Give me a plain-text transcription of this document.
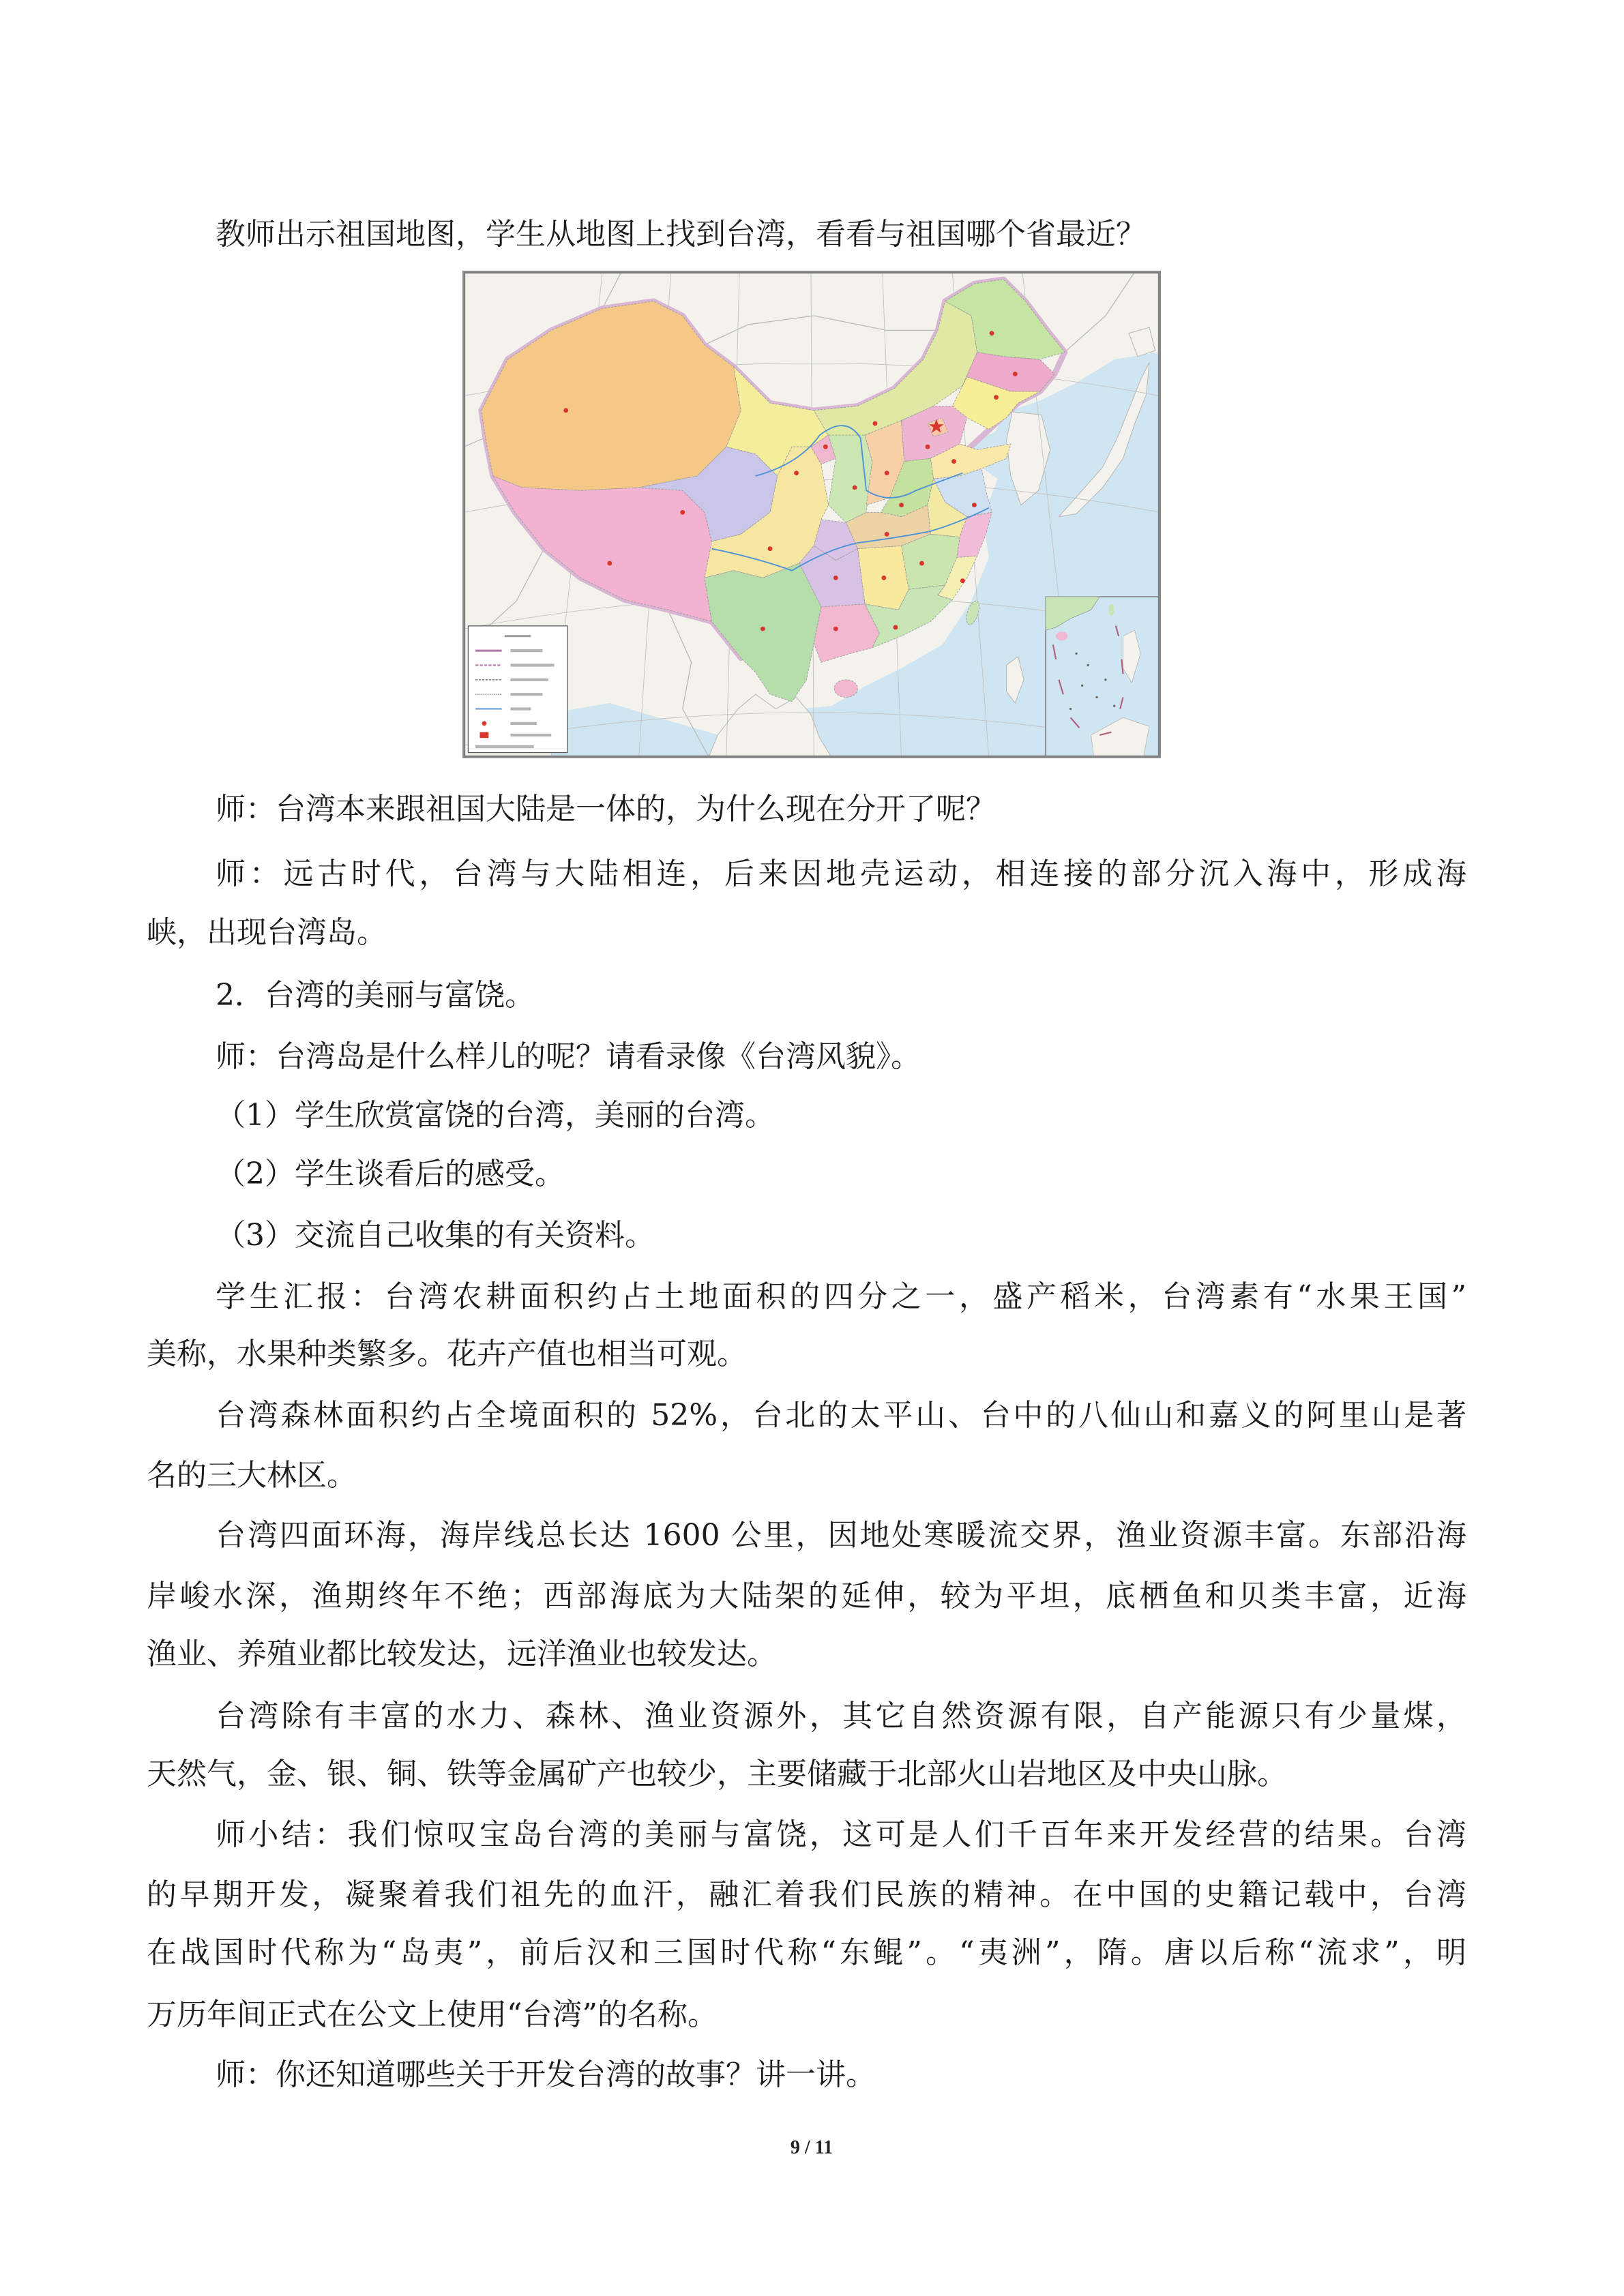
教师出示祖国地图，学生从地图上找到台湾，看看与祖国哪个省最近？
师：台湾本来跟祖国大陆是一体的，为什么现在分开了呢？
师：远古时代，台湾与大陆相连，后来因地壳运动，相连接的部分沉入海中，形成海
峡，出现台湾岛。
2．台湾的美丽与富饶。
师：台湾岛是什么样儿的呢？请看录像《台湾风貌》。
（1）学生欣赏富饶的台湾，美丽的台湾。
（2）学生谈看后的感受。
（3）交流自己收集的有关资料。
学生汇报：台湾农耕面积约占土地面积的四分之一，盛产稻米，台湾素有“水果王国”
美称，水果种类繁多。花卉产值也相当可观。
台湾森林面积约占全境面积的 52%，台北的太平山、台中的八仙山和嘉义的阿里山是著
名的三大林区。
台湾四面环海，海岸线总长达 1600 公里，因地处寒暖流交界，渔业资源丰富。东部沿海
岸峻水深，渔期终年不绝；西部海底为大陆架的延伸，较为平坦，底栖鱼和贝类丰富，近海
渔业、养殖业都比较发达，远洋渔业也较发达。
台湾除有丰富的水力、森林、渔业资源外，其它自然资源有限，自产能源只有少量煤，
天然气，金、银、铜、铁等金属矿产也较少，主要储藏于北部火山岩地区及中央山脉。
师小结：我们惊叹宝岛台湾的美丽与富饶，这可是人们千百年来开发经营的结果。台湾
的早期开发，凝聚着我们祖先的血汗，融汇着我们民族的精神。在中国的史籍记载中，台湾
在战国时代称为“岛夷”，前后汉和三国时代称“东鲲”。“夷洲”，隋。唐以后称“流求”，明
万历年间正式在公文上使用“台湾”的名称。
师：你还知道哪些关于开发台湾的故事？讲一讲。
9 / 11
